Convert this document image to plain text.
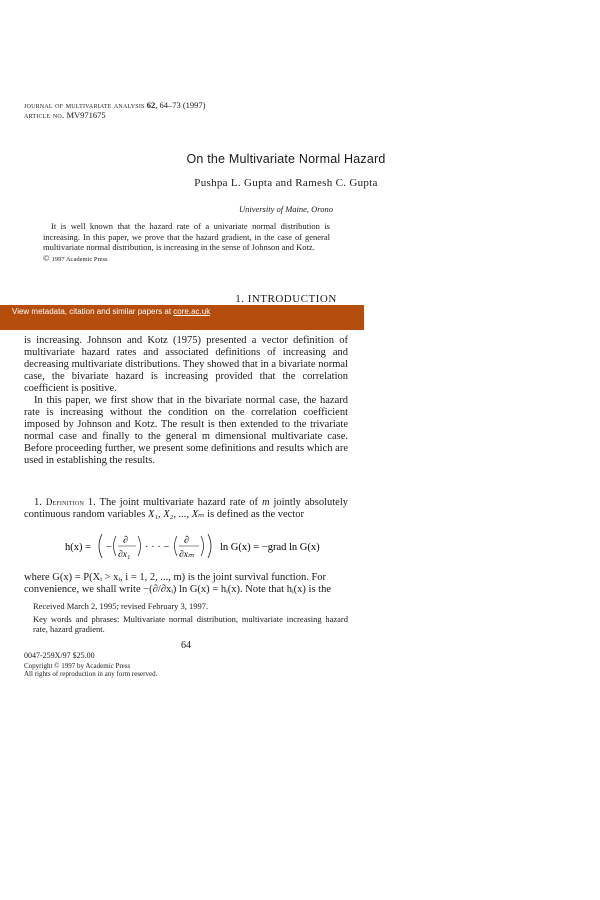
journal of multivariate analysis 62, 64–73 (1997)
article no. MV971675
On the Multivariate Normal Hazard
Pushpa L. Gupta and Ramesh C. Gupta
University of Maine, Orono
It is well known that the hazard rate of a univariate normal distribution is increasing. In this paper, we prove that the hazard gradient, in the case of general multivariate normal distribution, is increasing in the sense of Johnson and Kotz.
© 1997 Academic Press
1. INTRODUCTION
View metadata, citation and similar papers at core.ac.uk
is increasing. Johnson and Kotz (1975) presented a vector definition of multivariate hazard rates and associated definitions of increasing and decreasing multivariate distributions. They showed that in a bivariate normal case, the bivariate hazard is increasing provided that the correlation coefficient is positive.
In this paper, we first show that in the bivariate normal case, the hazard rate is increasing without the condition on the correlation coefficient imposed by Johnson and Kotz. The result is then extended to the trivariate normal case and finally to the general m dimensional multivariate case. Before proceeding further, we present some definitions and results which are used in establishing the results.
1. Definition 1. The joint multivariate hazard rate of m jointly absolutely continuous random variables X₁, X₂, ..., Xₘ is defined as the vector
h(x) = −
∂
∂x₁
· · · −
∂
∂xₘ
ln G(x) = −grad ln G(x)
where G(x) = P(Xᵢ > xᵢ, i = 1, 2, ..., m) is the joint survival function. For
convenience, we shall write −(∂/∂xᵢ) ln G(x) = hᵢ(x). Note that hᵢ(x) is the
Received March 2, 1995; revised February 3, 1997.
Key words and phrases: Multivariate normal distribution, multivariate increasing hazard rate, hazard gradient.
64
0047-259X/97 $25.00
Copyright © 1997 by Academic Press
All rights of reproduction in any form reserved.
